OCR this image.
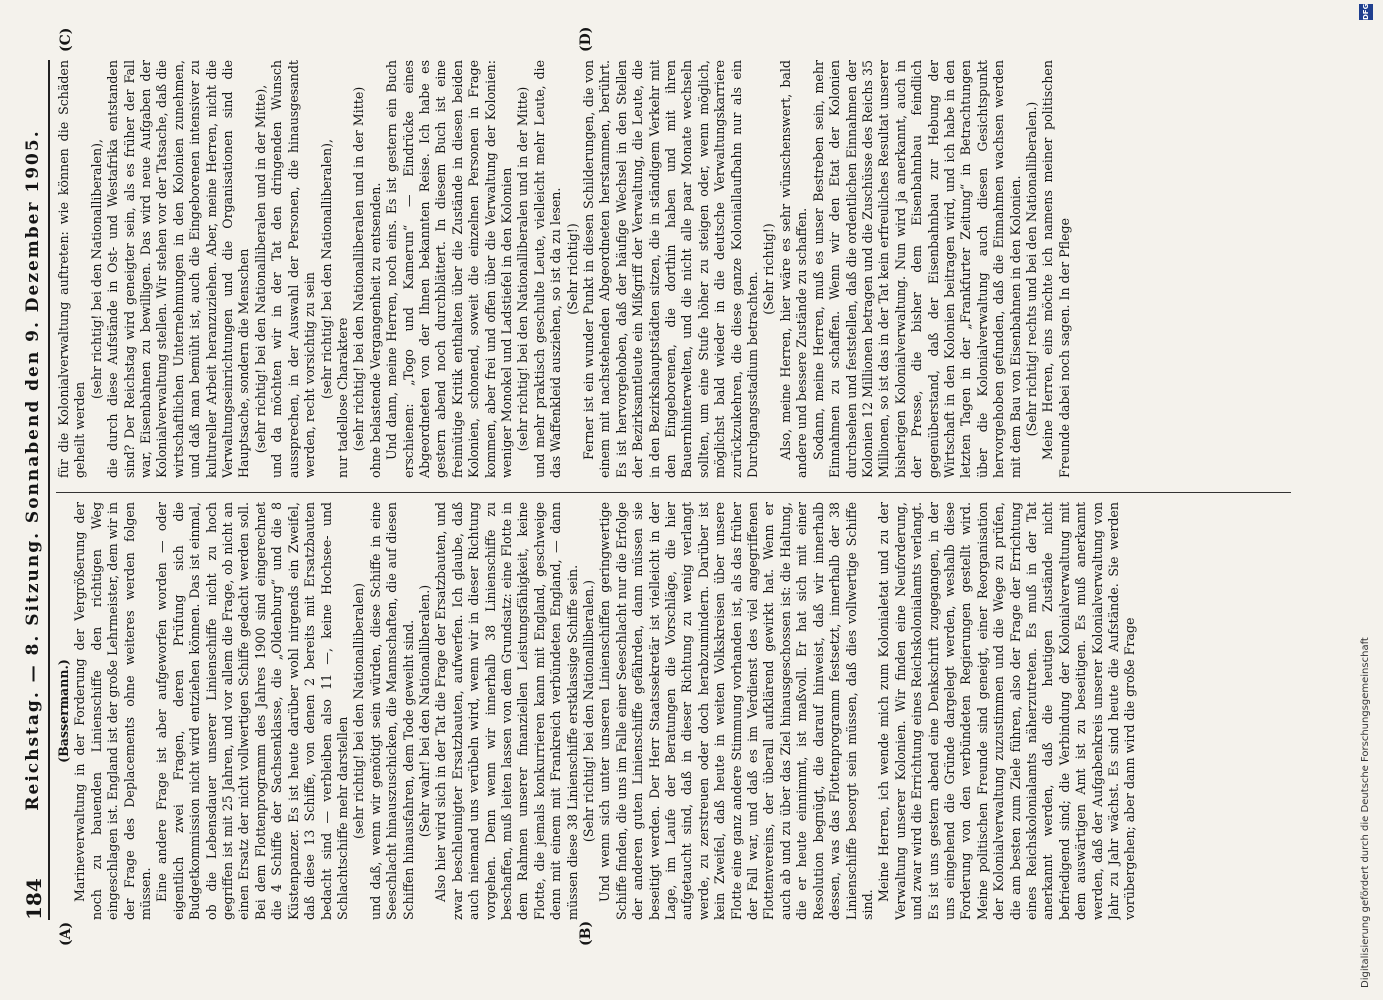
184
Reichstag. — 8. Sitzung. Sonnabend den 9. Dezember 1905.
(A)	(B)
(C)	(D)

(Bassermann.) Marineverwaltung in der Forderung der Vergrößerung der noch zu bauenden Linienschiffe den richtigen Weg eingeschlagen ist. England ist der große Lehrmeister, dem wir in der Frage des Deplacements ohne weiteres werden folgen müssen. Eine andere Frage ist aber aufgeworfen worden — oder eigentlich zwei Fragen, deren Prüfung sich die Budgetkommission nicht wird entziehen können. Das ist einmal, ob die Lebensdauer unserer Linienschiffe nicht zu hoch gegriffen ist mit 25 Jahren, und vor allem die Frage, ob nicht an einen Ersatz der nicht vollwertigen Schiffe gedacht werden soll. Bei dem Flottenprogramm des Jahres 1900 sind eingerechnet die 4 Schiffe der Sachsenklasse, die „Oldenburg“ und die 8 Küstenpanzer. Es ist heute darüber wohl nirgends ein Zweifel, daß diese 13 Schiffe, von denen 2 bereits mit Ersatzbauten bedacht sind — verbleiben also 11 —, keine Hochsee- und Schlachtschiffe mehr darstellen (sehr richtig! bei den Nationalliberalen) und daß, wenn wir genötigt sein würden, diese Schiffe in eine Seeschlacht hinauszuschicken, die Mannschaften, die auf diesen Schiffen hinausfahren, dem Tode geweiht sind. (Sehr wahr! bei den Nationalliberalen.) Also hier wird sich in der Tat die Frage der Ersatzbauten, und zwar beschleunigter Ersatzbauten, aufwerfen. Ich glaube, daß auch niemand uns verübeln wird, wenn wir in dieser Richtung vorgehen. Denn wenn wir innerhalb 38 Linienschiffe zu beschaffen, muß leiten lassen von dem Grundsatz: eine Flotte in dem Rahmen unserer finanziellen Leistungsfähigkeit, keine Flotte, die jemals konkurrieren kann mit England, geschweige denn mit einem mit Frankreich verbündeten England, — dann müssen diese 38 Linienschiffe erstklassige Schiffe sein. (Sehr richtig! bei den Nationalliberalen.) Und wenn sich unter unseren Linienschiffen geringwertige Schiffe finden, die uns im Falle einer Seeschlacht nur die Erfolge der anderen guten Linienschiffe gefährden, dann müssen sie beseitigt werden. Der Herr Staatssekretär ist vielleicht in der Lage, im Laufe der Beratungen die Vorschläge, die hier aufgetaucht sind, daß in dieser Richtung zu wenig verlangt werde, zu zerstreuen oder doch herabzumindern. Darüber ist kein Zweifel, daß heute in weiten Volkskreisen über unsere Flotte eine ganz andere Stimmung vorhanden ist, als das früher der Fall war, und daß es im Verdienst des viel angegriffenen Flottenvereins, der überall aufklärend gewirkt hat. Wenn er auch ab und zu über das Ziel hinausgeschossen ist: die Haltung, die er heute einnimmt, ist maßvoll. Er hat sich mit einer Resolution begnügt, die darauf hinweist, daß wir innerhalb dessen, was das Flottenprogramm festsetzt, innerhalb der 38 Linienschiffe besorgt sein müssen, daß dies vollwertige Schiffe sind.

Meine Herren, ich wende mich zum Kolonialetat und zu der Verwaltung unserer Kolonien. Wir finden eine Neuforderung, und zwar wird die Errichtung eines Reichskolonialamts verlangt. Es ist uns gestern abend eine Denkschrift zugegangen, in der uns eingehend die Gründe dargelegt werden, weshalb diese Forderung von den verbündeten Regierungen gestellt wird. Meine politischen Freunde sind geneigt, einer Reorganisation der Kolonialverwaltung zuzustimmen und die Wege zu prüfen, die am besten zum Ziele führen, also der Frage der Errichtung eines Reichskolonialamts näherzutreten. Es muß in der Tat anerkannt werden, daß die heutigen Zustände nicht befriedigend sind; die Verbindung der Kolonialverwaltung mit dem auswärtigen Amt ist zu beseitigen. Es muß anerkannt werden, daß der Aufgabenkreis unserer Kolonialverwaltung von Jahr zu Jahr wächst. Es sind heute die Aufstände. Sie werden vorübergehen; aber dann wird die große Frage

für die Kolonialverwaltung auftreten: wie können die Schäden geheilt werden

(sehr richtig! bei den Nationalliberalen), die durch diese Aufstände in Ost- und Westafrika entstanden sind? Der Reichstag wird geneigter sein, als es früher der Fall war, Eisenbahnen zu bewilligen. Das wird neue Aufgaben der Kolonialverwaltung stellen. Wir stehen vor der Tatsache, daß die wirtschaftlichen Unternehmungen in den Kolonien zunehmen, und daß man bemüht ist, auch die Eingeborenen intensiver zu kultureller Arbeit heranzuziehen. Aber, meine Herren, nicht die Verwaltungseinrichtungen und die Organisationen sind die Hauptsache, sondern die Menschen (sehr richtig! bei den Nationalliberalen und in der Mitte), und da möchten wir in der Tat den dringenden Wunsch aussprechen, in der Auswahl der Personen, die hinausgesandt werden, recht vorsichtig zu sein (sehr richtig! bei den Nationalliberalen), nur tadellose Charaktere (sehr richtig! bei den Nationalliberalen und in der Mitte) ohne belastende Vergangenheit zu entsenden. Und dann, meine Herren, noch eins. Es ist gestern ein Buch erschienen: „Togo und Kamerun“ — Eindrücke eines Abgeordneten von der Ihnen bekannten Reise. Ich habe es gestern abend noch durchblättert. In diesem Buch ist eine freimütige Kritik enthalten über die Zustände in diesen beiden Kolonien, schonend, soweit die einzelnen Personen in Frage kommen, aber frei und offen über die Verwaltung der Kolonien: weniger Monokel und Ladstiefel in den Kolonien (sehr richtig! bei den Nationalliberalen und in der Mitte) und mehr praktisch geschulte Leute, vielleicht mehr Leute, die das Waffenkleid ausziehen, so ist da zu lesen. (Sehr richtig!) Ferner ist ein wunder Punkt in diesen Schilderungen, die von einem mit nachstehenden Abgeordneten herstammen, berührt. Es ist hervorgehoben, daß der häufige Wechsel in den Stellen der Bezirksamtleute ein Mißgriff der Verwaltung, die Leute, die in den Bezirkshauptstädten sitzen, die in ständigem Verkehr mit den Eingeborenen, die dorthin haben und mit ihren Bauernhinterwelten, und die nicht alle paar Monate wechseln sollten, um eine Stufe höher zu steigen oder, wenn möglich, möglichst bald wieder in die deutsche Verwaltungskarriere zurückzukehren, die diese ganze Koloniallaufbahn nur als ein Durchgangsstadium betrachten.

(Sehr richtig!) Also, meine Herren, hier wäre es sehr wünschenswert, bald andere und bessere Zustände zu schaffen. Sodann, meine Herren, muß es unser Bestreben sein, mehr Einnahmen zu schaffen. Wenn wir den Etat der Kolonien durchsehen und feststellen, daß die ordentlichen Einnahmen der Kolonien 12 Millionen betragen und die Zuschüsse des Reichs 35 Millionen, so ist das in der Tat kein erfreuliches Resultat unserer bisherigen Kolonialverwaltung. Nun wird ja anerkannt, auch in der Presse, die bisher dem Eisenbahnbau feindlich gegenüberstand, daß der Eisenbahnbau zur Hebung der Wirtschaft in den Kolonien beitragen wird, und ich habe in den letzten Tagen in der „Frankfurter Zeitung“ in Betrachtungen über die Kolonialverwaltung auch diesen Gesichtspunkt hervorgehoben gefunden, daß die Einnahmen wachsen werden mit dem Bau von Eisenbahnen in den Kolonien. (Sehr richtig! rechts und bei den Nationalliberalen.) Meine Herren, eins möchte ich namens meiner politischen Freunde dabei noch sagen. In der Pflege

Digitalisierung gefördert durch die Deutsche Forschungsgemeinschaft
DFG
